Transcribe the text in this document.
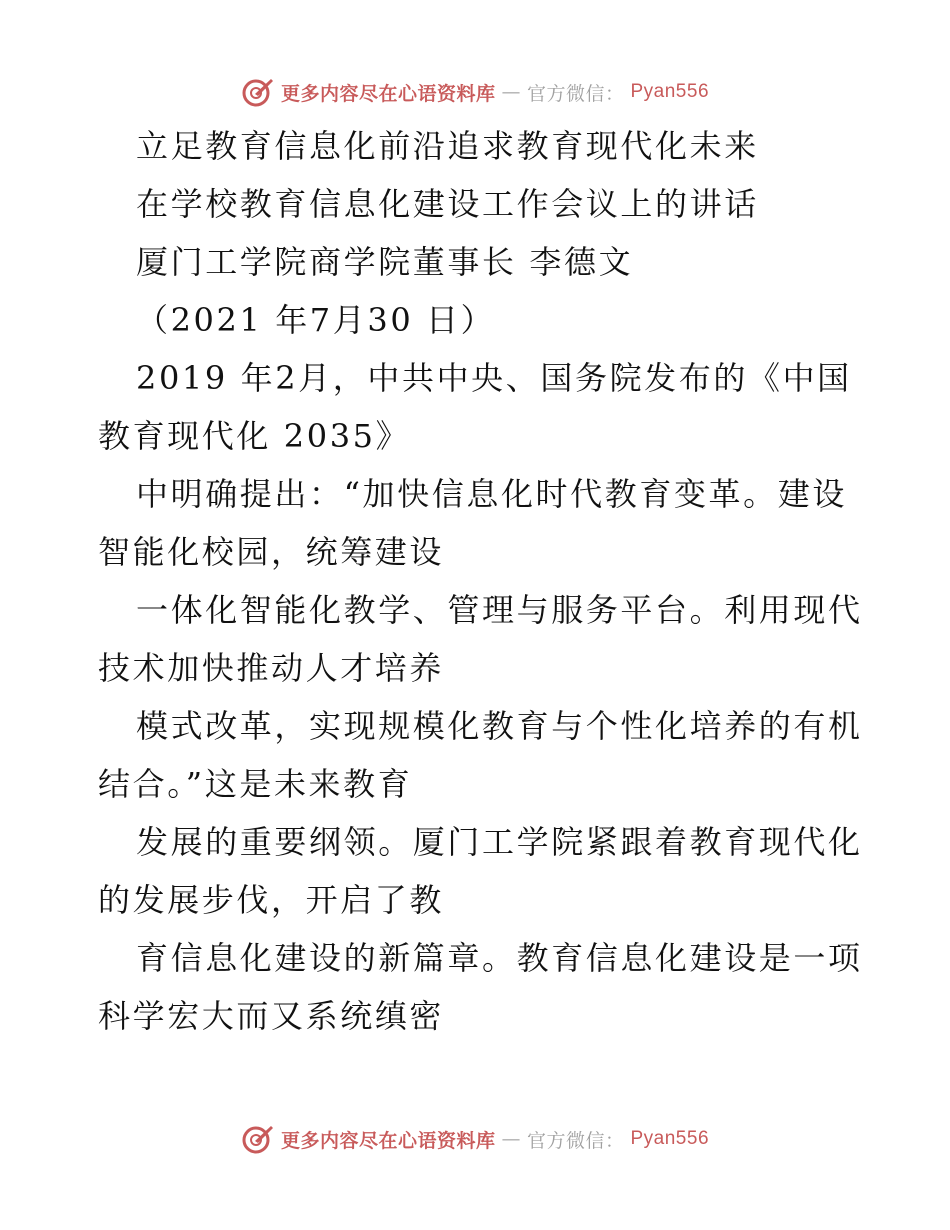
更多内容尽在心语资料库 — 官方微信： Pyan556
立足教育信息化前沿追求教育现代化未来
在学校教育信息化建设工作会议上的讲话
厦门工学院商学院董事长 李德文
（2021 年7月30 日）
2019 年2月，中共中央、国务院发布的《中国
教育现代化 2035》
中明确提出：“加快信息化时代教育变革。建设
智能化校园，统筹建设
一体化智能化教学、管理与服务平台。利用现代
技术加快推动人才培养
模式改革，实现规模化教育与个性化培养的有机
结合。”这是未来教育
发展的重要纲领。厦门工学院紧跟着教育现代化
的发展步伐，开启了教
育信息化建设的新篇章。教育信息化建设是一项
科学宏大而又系统缜密
更多内容尽在心语资料库 — 官方微信： Pyan556
